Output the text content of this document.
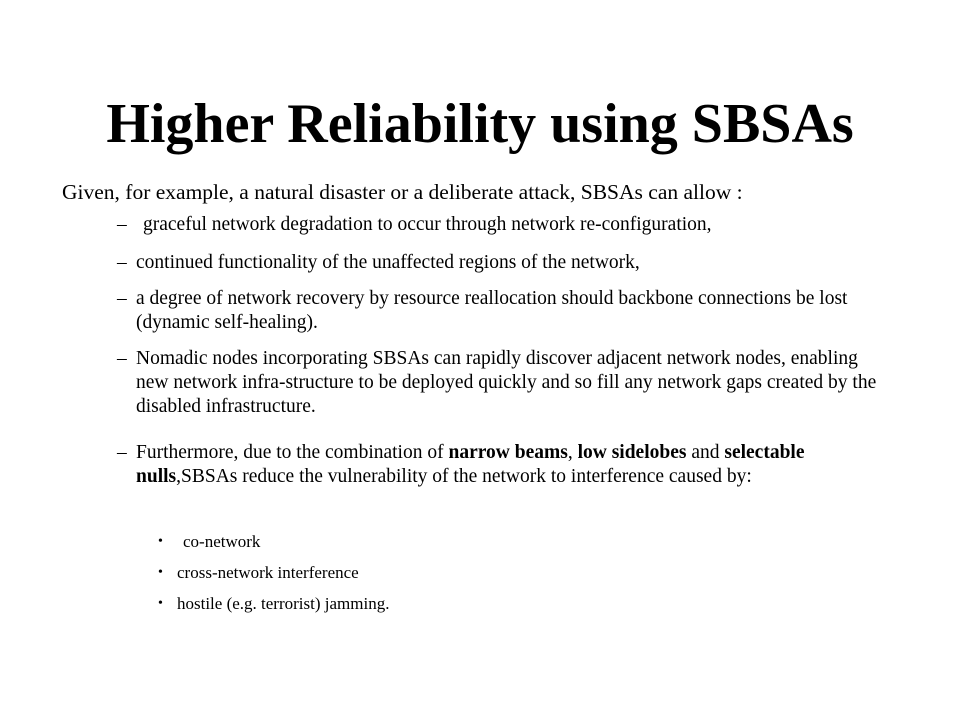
Higher Reliability using SBSAs
Given, for example, a natural disaster or a deliberate attack, SBSAs can allow :
– graceful network degradation to occur through network re-configuration,
– continued functionality of the unaffected regions of the network,
– a degree of network recovery by resource reallocation should backbone connections be lost (dynamic self-healing).
– Nomadic nodes incorporating SBSAs can rapidly discover adjacent network nodes, enabling new network infra-structure to be deployed quickly and so fill any network gaps created by the disabled infrastructure.
– Furthermore, due to the combination of narrow beams, low sidelobes and selectable nulls,SBSAs reduce the vulnerability of the network to interference caused by:
•	co-network
• cross-network interference
• hostile (e.g. terrorist) jamming.
